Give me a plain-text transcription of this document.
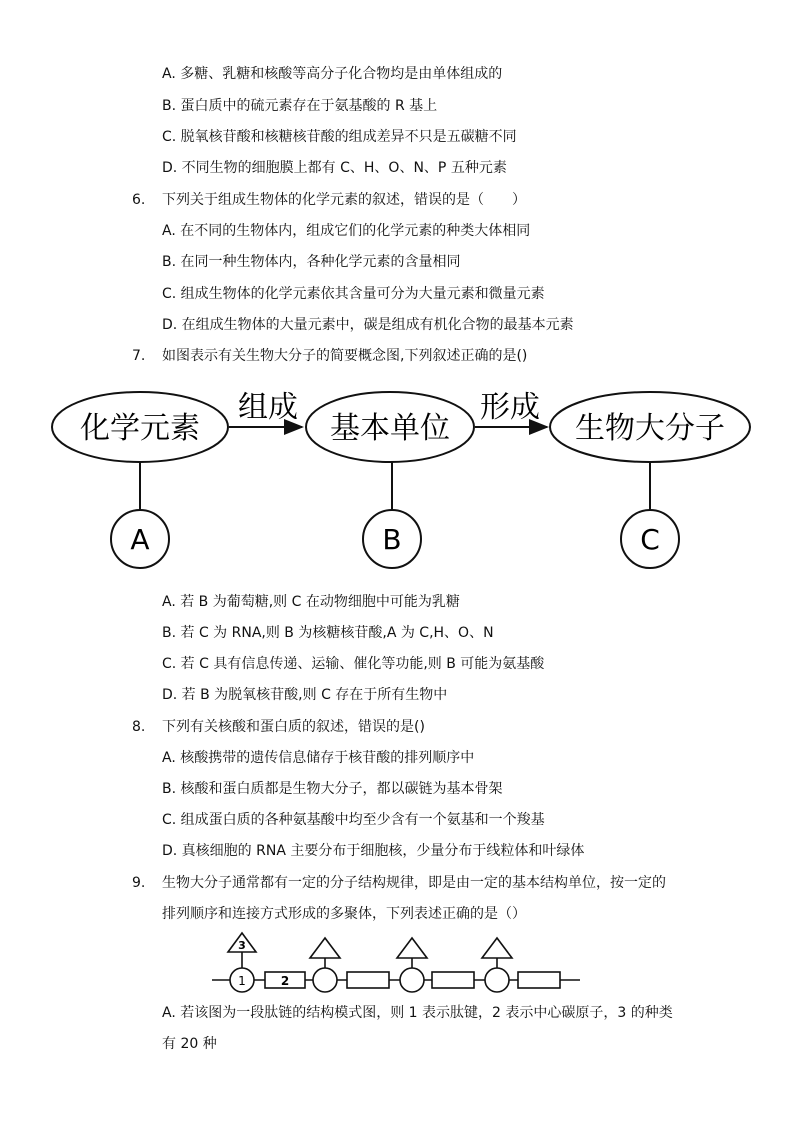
A. 多糖、乳糖和核酸等高分子化合物均是由单体组成的
B. 蛋白质中的硫元素存在于氨基酸的 R 基上
C. 脱氧核苷酸和核糖核苷酸的组成差异不只是五碳糖不同
D. 不同生物的细胞膜上都有 C、H、O、N、P 五种元素
6. 下列关于组成生物体的化学元素的叙述，错误的是（　　）
A. 在不同的生物体内，组成它们的化学元素的种类大体相同
B. 在同一种生物体内，各种化学元素的含量相同
C. 组成生物体的化学元素依其含量可分为大量元素和微量元素
D. 在组成生物体的大量元素中，碳是组成有机化合物的最基本元素
7. 如图表示有关生物大分子的简要概念图,下列叙述正确的是()
化学元素	基本单位	生物大分子
组成	形成
A	B	C
A. 若 B 为葡萄糖,则 C 在动物细胞中可能为乳糖
B. 若 C 为 RNA,则 B 为核糖核苷酸,A 为 C,H、O、N
C. 若 C 具有信息传递、运输、催化等功能,则 B 可能为氨基酸
D. 若 B 为脱氧核苷酸,则 C 存在于所有生物中
8. 下列有关核酸和蛋白质的叙述，错误的是()
A. 核酸携带的遗传信息储存于核苷酸的排列顺序中
B. 核酸和蛋白质都是生物大分子，都以碳链为基本骨架
C. 组成蛋白质的各种氨基酸中均至少含有一个氨基和一个羧基
D. 真核细胞的 RNA 主要分布于细胞核，少量分布于线粒体和叶绿体
9. 生物大分子通常都有一定的分子结构规律，即是由一定的基本结构单位，按一定的
排列顺序和连接方式形成的多聚体，下列表述正确的是（）
3
1	2
A. 若该图为一段肽链的结构模式图，则 1 表示肽键，2 表示中心碳原子，3 的种类
有 20 种
